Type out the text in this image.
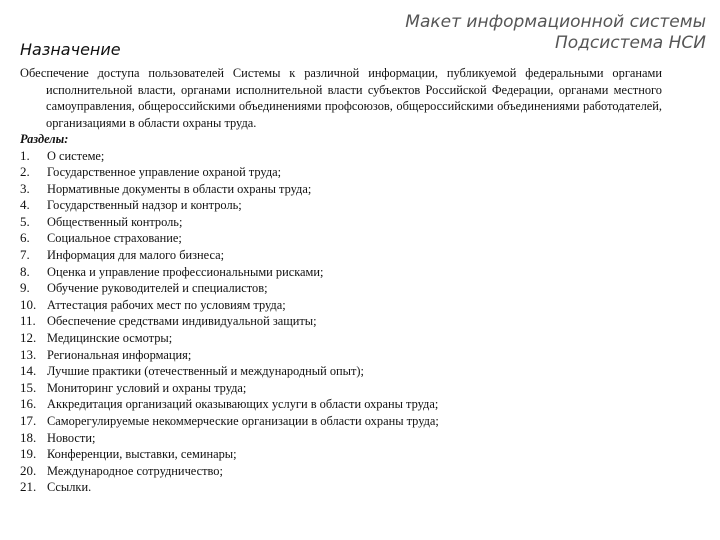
Макет информационной системы
Подсистема НСИ
Назначение

Обеспечение доступа пользователей Системы к различной информации, публикуемой федеральными органами исполнительной власти, органами исполнительной власти субъектов Российской Федерации, органами местного самоуправления, общероссийскими объединениями профсоюзов, общероссийскими объединениями работодателей, организациями в области охраны труда.

Разделы:

1.	О системе;
2.	Государственное управление охраной труда;
3.	Нормативные документы в области охраны труда;
4.	Государственный надзор и контроль;
5.	Общественный контроль;
6.	Социальное страхование;
7.	Информация для малого бизнеса;
8.	Оценка и управление профессиональными рисками;
9.	Обучение руководителей и специалистов;
10. Аттестация рабочих мест по условиям труда;
11. Обеспечение средствами индивидуальной защиты;
12. Медицинские осмотры;
13. Региональная информация;
14. Лучшие практики (отечественный и международный опыт);
15. Мониторинг условий и охраны труда;
16. Аккредитация организаций оказывающих услуги в области охраны труда;
17. Саморегулируемые некоммерческие организации в области охраны труда;
18. Новости;
19. Конференции, выставки, семинары;
20. Международное сотрудничество;
21. Ссылки.
